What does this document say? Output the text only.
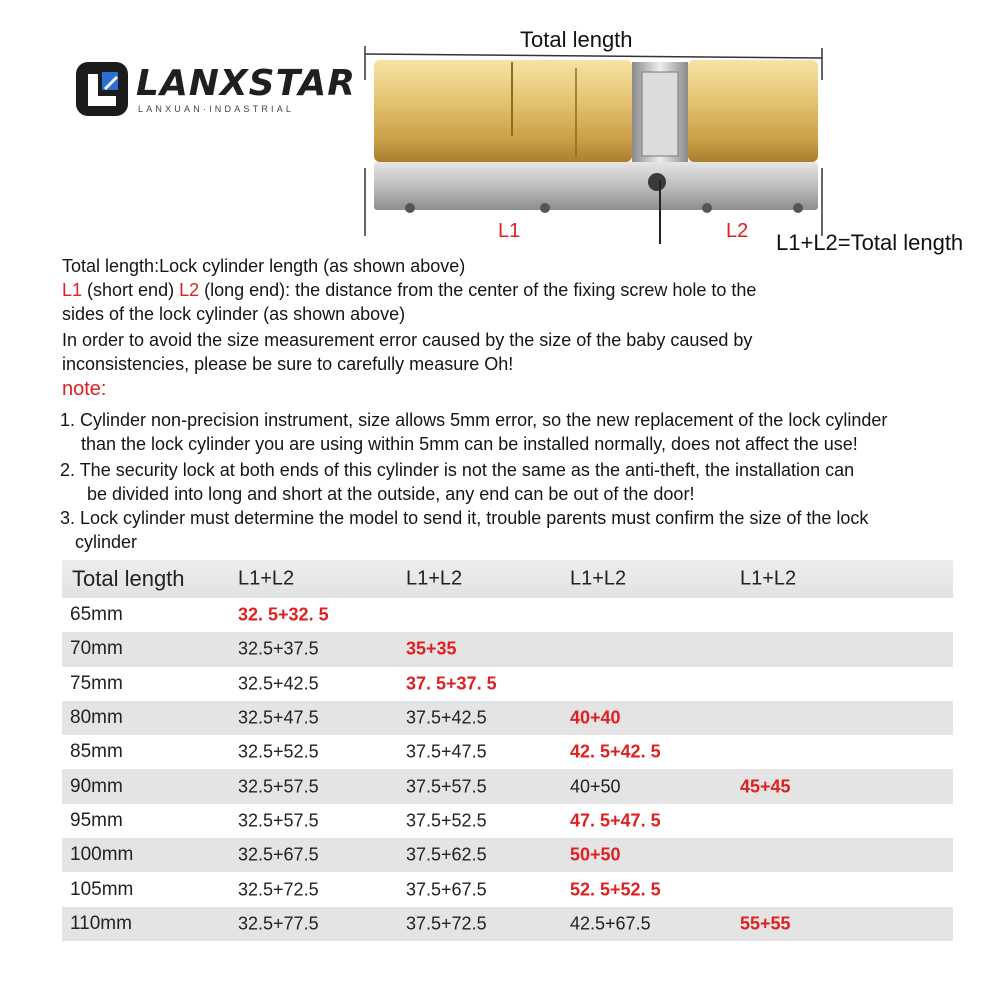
LANXSTAR
LANXUAN·INDASTRIAL
Total length
L1	L2 L1+L2=Total length
Total length:Lock cylinder length (as shown above)
L1 (short end) L2 (long end): the distance from the center of the fixing screw hole to the
sides of the lock cylinder (as shown above)
In order to avoid the size measurement error caused by the size of the baby caused by
inconsistencies, please be sure to carefully measure Oh!
note:
1. Cylinder non-precision instrument, size allows 5mm error, so the new replacement of the lock cylinder
than the lock cylinder you are using within 5mm can be installed normally, does not affect the use!
2. The security lock at both ends of this cylinder is not the same as the anti-theft, the installation can
be divided into long and short at the outside, any end can be out of the door!
3. Lock cylinder must determine the model to send it, trouble parents must confirm the size of the lock
cylinder
Total length	L1+L2	L1+L2	L1+L2	L1+L2
65mm	32. 5+32. 5
70mm	32.5+37.5	35+35
75mm	32.5+42.5	37. 5+37. 5
80mm	32.5+47.5	37.5+42.5	40+40
85mm	32.5+52.5	37.5+47.5	42. 5+42. 5
90mm	32.5+57.5	37.5+57.5	40+50	45+45
95mm	32.5+57.5	37.5+52.5	47. 5+47. 5
100mm	32.5+67.5	37.5+62.5	50+50
105mm	32.5+72.5	37.5+67.5	52. 5+52. 5
110mm	32.5+77.5	37.5+72.5	42.5+67.5	55+55
